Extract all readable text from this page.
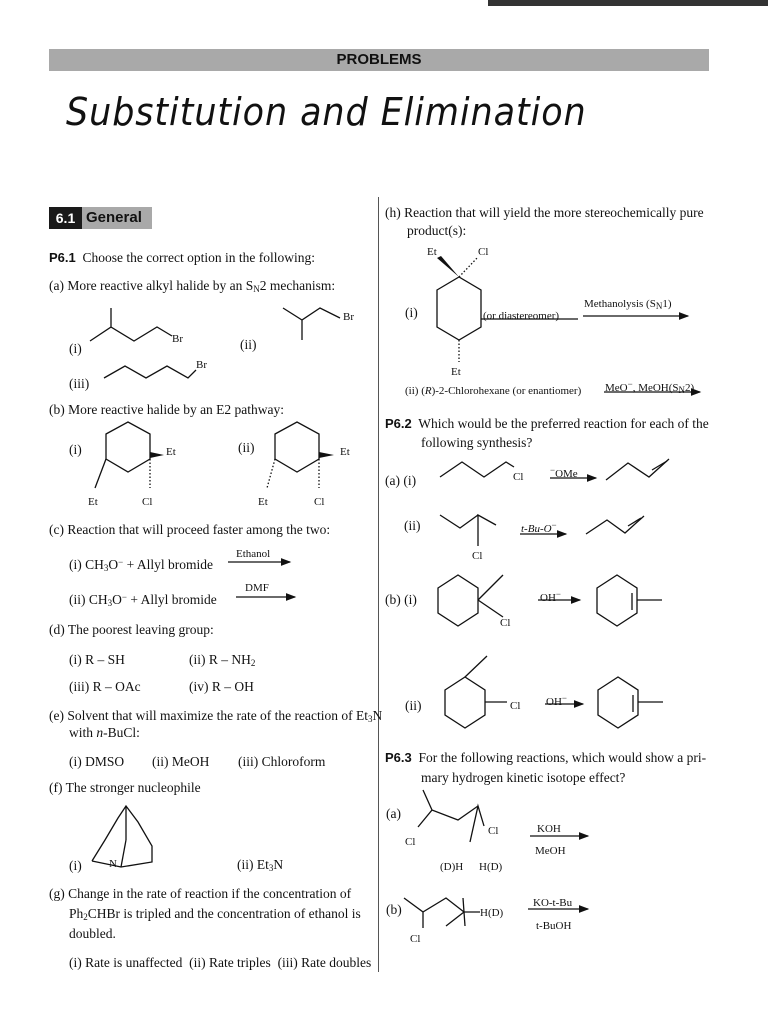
PROBLEMS
Substitution and Elimination
6.1 General
P6.1 Choose the correct option in the following:
(a) More reactive alkyl halide by an $S_N2$ mechanism:
(i)
Br	(ii)
Br
(iii)
Br
(b) More reactive halide by an E2 pathway:
(i)	Et
Et	Cl
(ii)	Et
Et	Cl
(c) Reaction that will proceed faster among the two:
(i) $CH_3O^-$ + Allyl bromide
Ethanol
(ii) $CH_3O^-$ + Allyl bromide
DMF
(d) The poorest leaving group:
(i) R – SH	(ii) R – $NH_2$
(iii) R – OAc	(iv) R – OH
(e) Solvent that will maximize the rate of the reaction of $Et_3N$
with n-BuCl:
(i) DMSO (ii) MeOH (iii) Chloroform
(f) The stronger nucleophile
(i) N	(ii) $Et_3N$
(g) Change in the rate of reaction if the concentration of
$Ph_2CHBr$ is tripled and the concentration of ethanol is
doubled.
(i) Rate is unaffected (ii) Rate triples (iii) Rate doubles
(h) Reaction that will yield the more stereochemically pure
product(s):
Et	Cl
(i)	(or diastereomer)
Methanolysis $(S_N1)$
Et
(ii) (R)-2-Chlorohexane (or enantiomer) MeO−, $MeOH(S_N2)$
P6.2 Which would be the preferred reaction for each of the
following synthesis?
(a) (i)	Cl
−OMe
(ii)
Cl
t-Bu-O−
(b) (i)
Cl
OH−
(ii)	Cl OH−
P6.3 For the following reactions, which would show a pri-
mary hydrogen kinetic isotope effect?
(a)
Cl
Cl
(D)H H(D)
KOH
MeOH
(b)	H(D)
Cl
KO-t-Bu
t-BuOH
